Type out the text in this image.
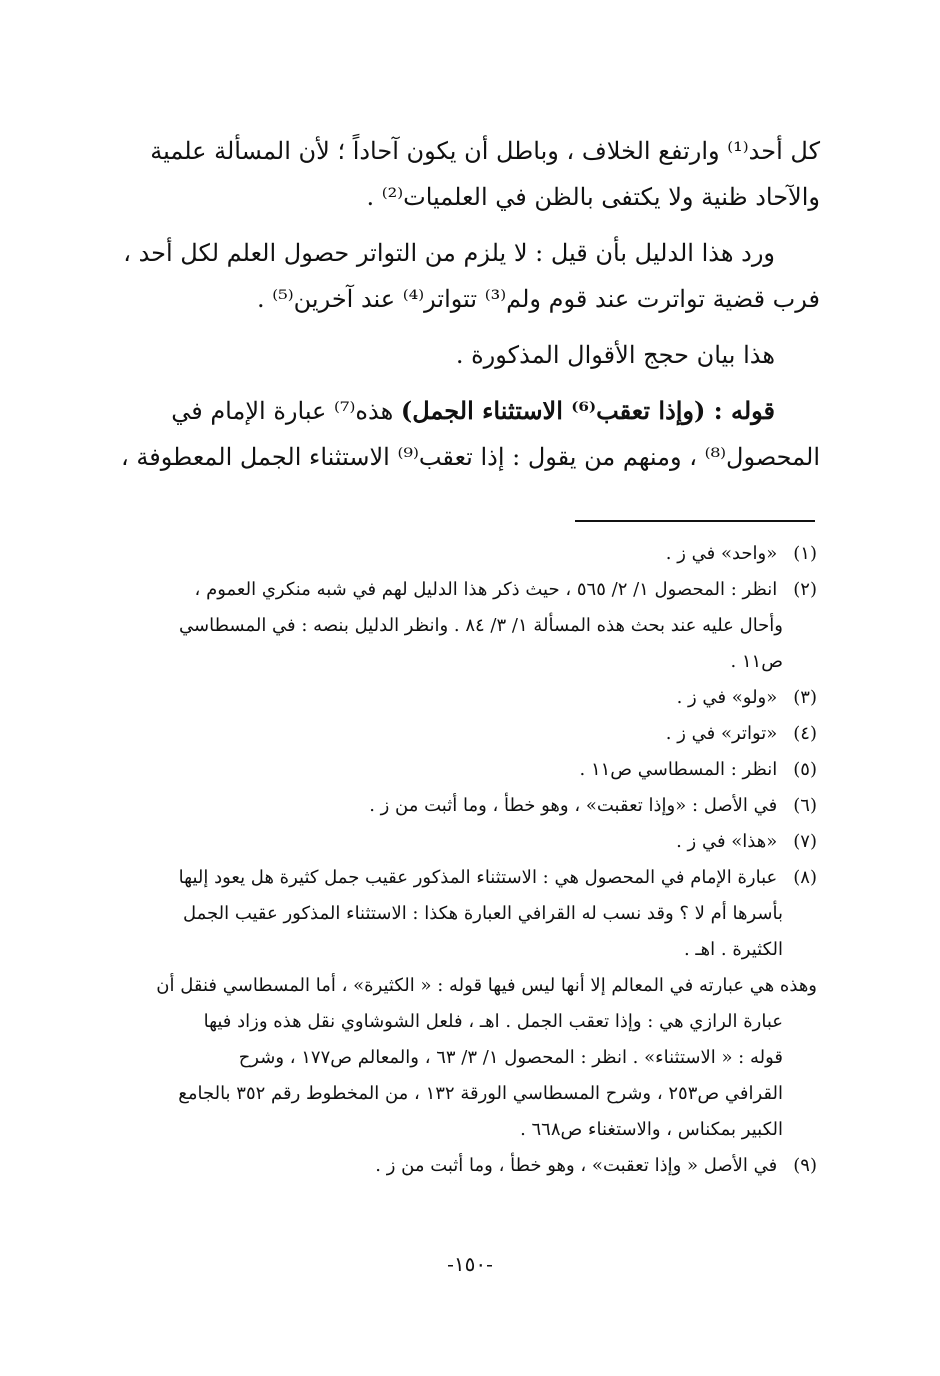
كل أحد⁽¹⁾ وارتفع الخلاف ، وباطل أن يكون آحاداً ؛ لأن المسألة علمية
والآحاد ظنية ولا يكتفى بالظن في العلميات⁽²⁾ .

ورد هذا الدليل بأن قيل : لا يلزم من التواتر حصول العلم لكل أحد ،
فرب قضية تواترت عند قوم ولم⁽³⁾ تتواتر⁽⁴⁾ عند آخرين⁽⁵⁾ .

هذا بيان حجج الأقوال المذكورة .

قوله : (وإذا تعقب⁽⁶⁾ الاستثناء الجمل) هذه⁽⁷⁾ عبارة الإمام في
المحصول⁽⁸⁾ ، ومنهم من يقول : إذا تعقب⁽⁹⁾ الاستثناء الجمل المعطوفة ،

(١) «واحد» في ز .
(٢) انظر : المحصول ١/ ٢/ ٥٦٥ ، حيث ذكر هذا الدليل لهم في شبه منكري العموم ،
وأحال عليه عند بحث هذه المسألة ١/ ٣/ ٨٤ . وانظر الدليل بنصه : في المسطاسي
ص١١ .
(٣) «ولو» في ز .
(٤) «تواتر» في ز .
(٥) انظر : المسطاسي ص١١ .
(٦) في الأصل : «وإذا تعقبت» ، وهو خطأ ، وما أثبت من ز .
(٧) «هذا» في ز .
(٨) عبارة الإمام في المحصول هي : الاستثناء المذكور عقيب جمل كثيرة هل يعود إليها
بأسرها أم لا ؟ وقد نسب له القرافي العبارة هكذا : الاستثناء المذكور عقيب الجمل
الكثيرة . اهـ .
وهذه هي عبارته في المعالم إلا أنها ليس فيها قوله : « الكثيرة» ، أما المسطاسي فنقل أن
عبارة الرازي هي : وإذا تعقب الجمل . اهـ ، فلعل الشوشاوي نقل هذه وزاد فيها
قوله : « الاستثناء» . انظر : المحصول ١/ ٣/ ٦٣ ، والمعالم ص١٧٧ ، وشرح
القرافي ص٢٥٣ ، وشرح المسطاسي الورقة ١٣٢ ، من المخطوط رقم ٣٥٢ بالجامع
الكبير بمكناس ، والاستغناء ص٦٦٨ .
(٩) في الأصل « وإذا تعقبت» ، وهو خطأ ، وما أثبت من ز .
-١٥٠-
